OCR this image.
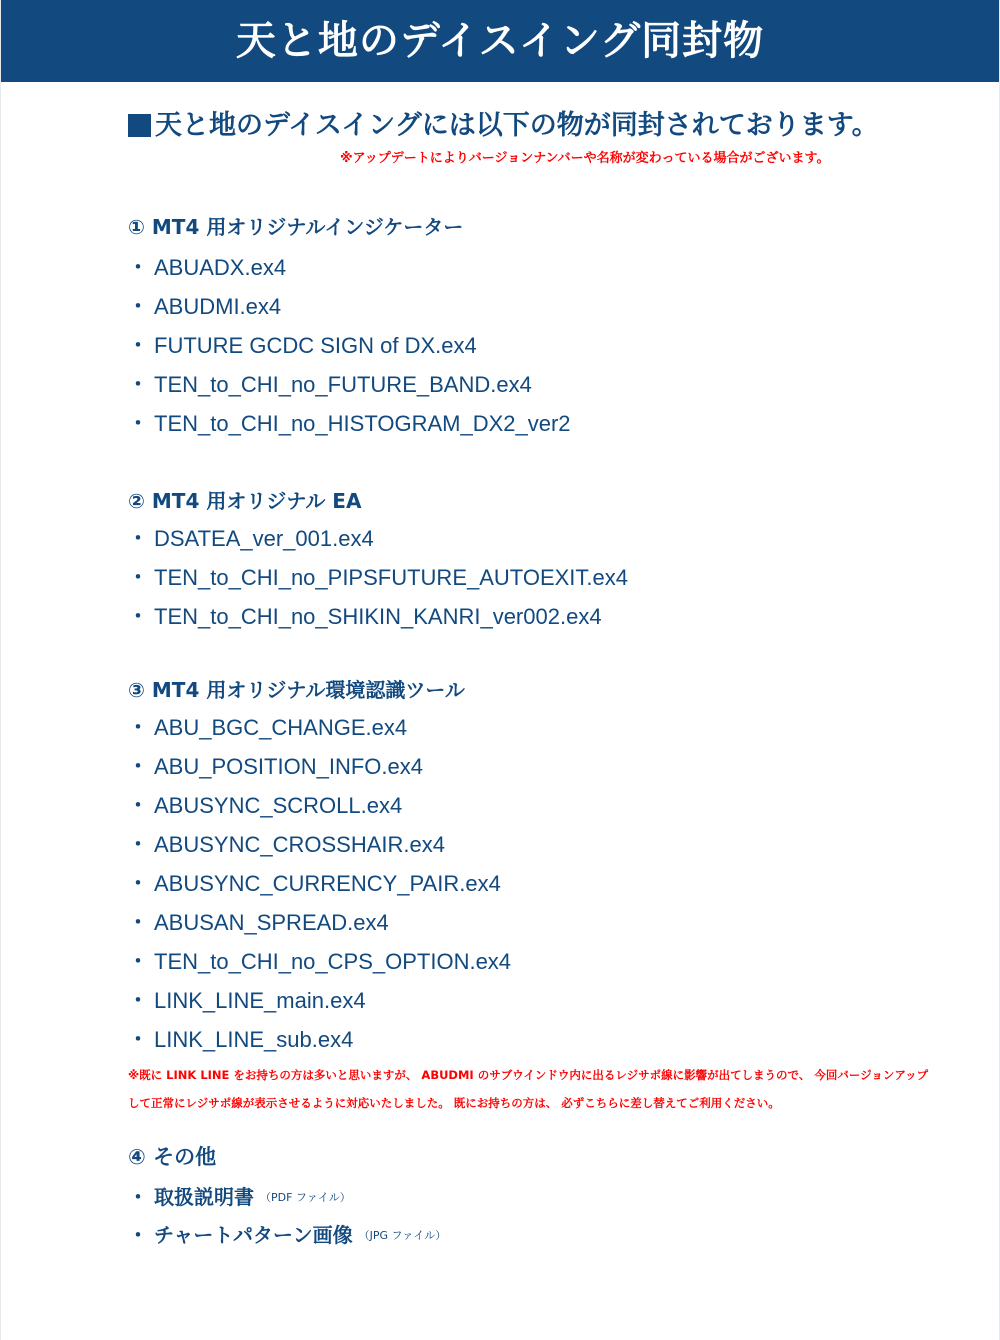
天と地のデイスイング同封物
天と地のデイスイングには以下の物が同封されております。
※アップデートによりバージョンナンバーや名称が変わっている場合がございます。
① MT4 用オリジナルインジケーター
・ ABUADX.ex4
・ ABUDMI.ex4
・ FUTURE GCDC SIGN of DX.ex4
・ TEN_to_CHI_no_FUTURE_BAND.ex4
・ TEN_to_CHI_no_HISTOGRAM_DX2_ver2
② MT4 用オリジナル EA
・ DSATEA_ver_001.ex4
・ TEN_to_CHI_no_PIPSFUTURE_AUTOEXIT.ex4
・ TEN_to_CHI_no_SHIKIN_KANRI_ver002.ex4
③ MT4 用オリジナル環境認識ツール
・ ABU_BGC_CHANGE.ex4
・ ABU_POSITION_INFO.ex4
・ ABUSYNC_SCROLL.ex4
・ ABUSYNC_CROSSHAIR.ex4
・ ABUSYNC_CURRENCY_PAIR.ex4
・ ABUSAN_SPREAD.ex4
・ TEN_to_CHI_no_CPS_OPTION.ex4
・ LINK_LINE_main.ex4
・ LINK_LINE_sub.ex4
※既に LINK LINE をお持ちの方は多いと思いますが、 ABUDMI のサブウインドウ内に出るレジサポ線に影響が出てしまうので、 今回バージョンアップ
して正常にレジサポ線が表示させるように対応いたしました。 既にお持ちの方は、 必ずこちらに差し替えてご利用ください。
④ その他
・ 取扱説明書 （PDF ファイル）
・ チャートパターン画像 （JPG ファイル）
